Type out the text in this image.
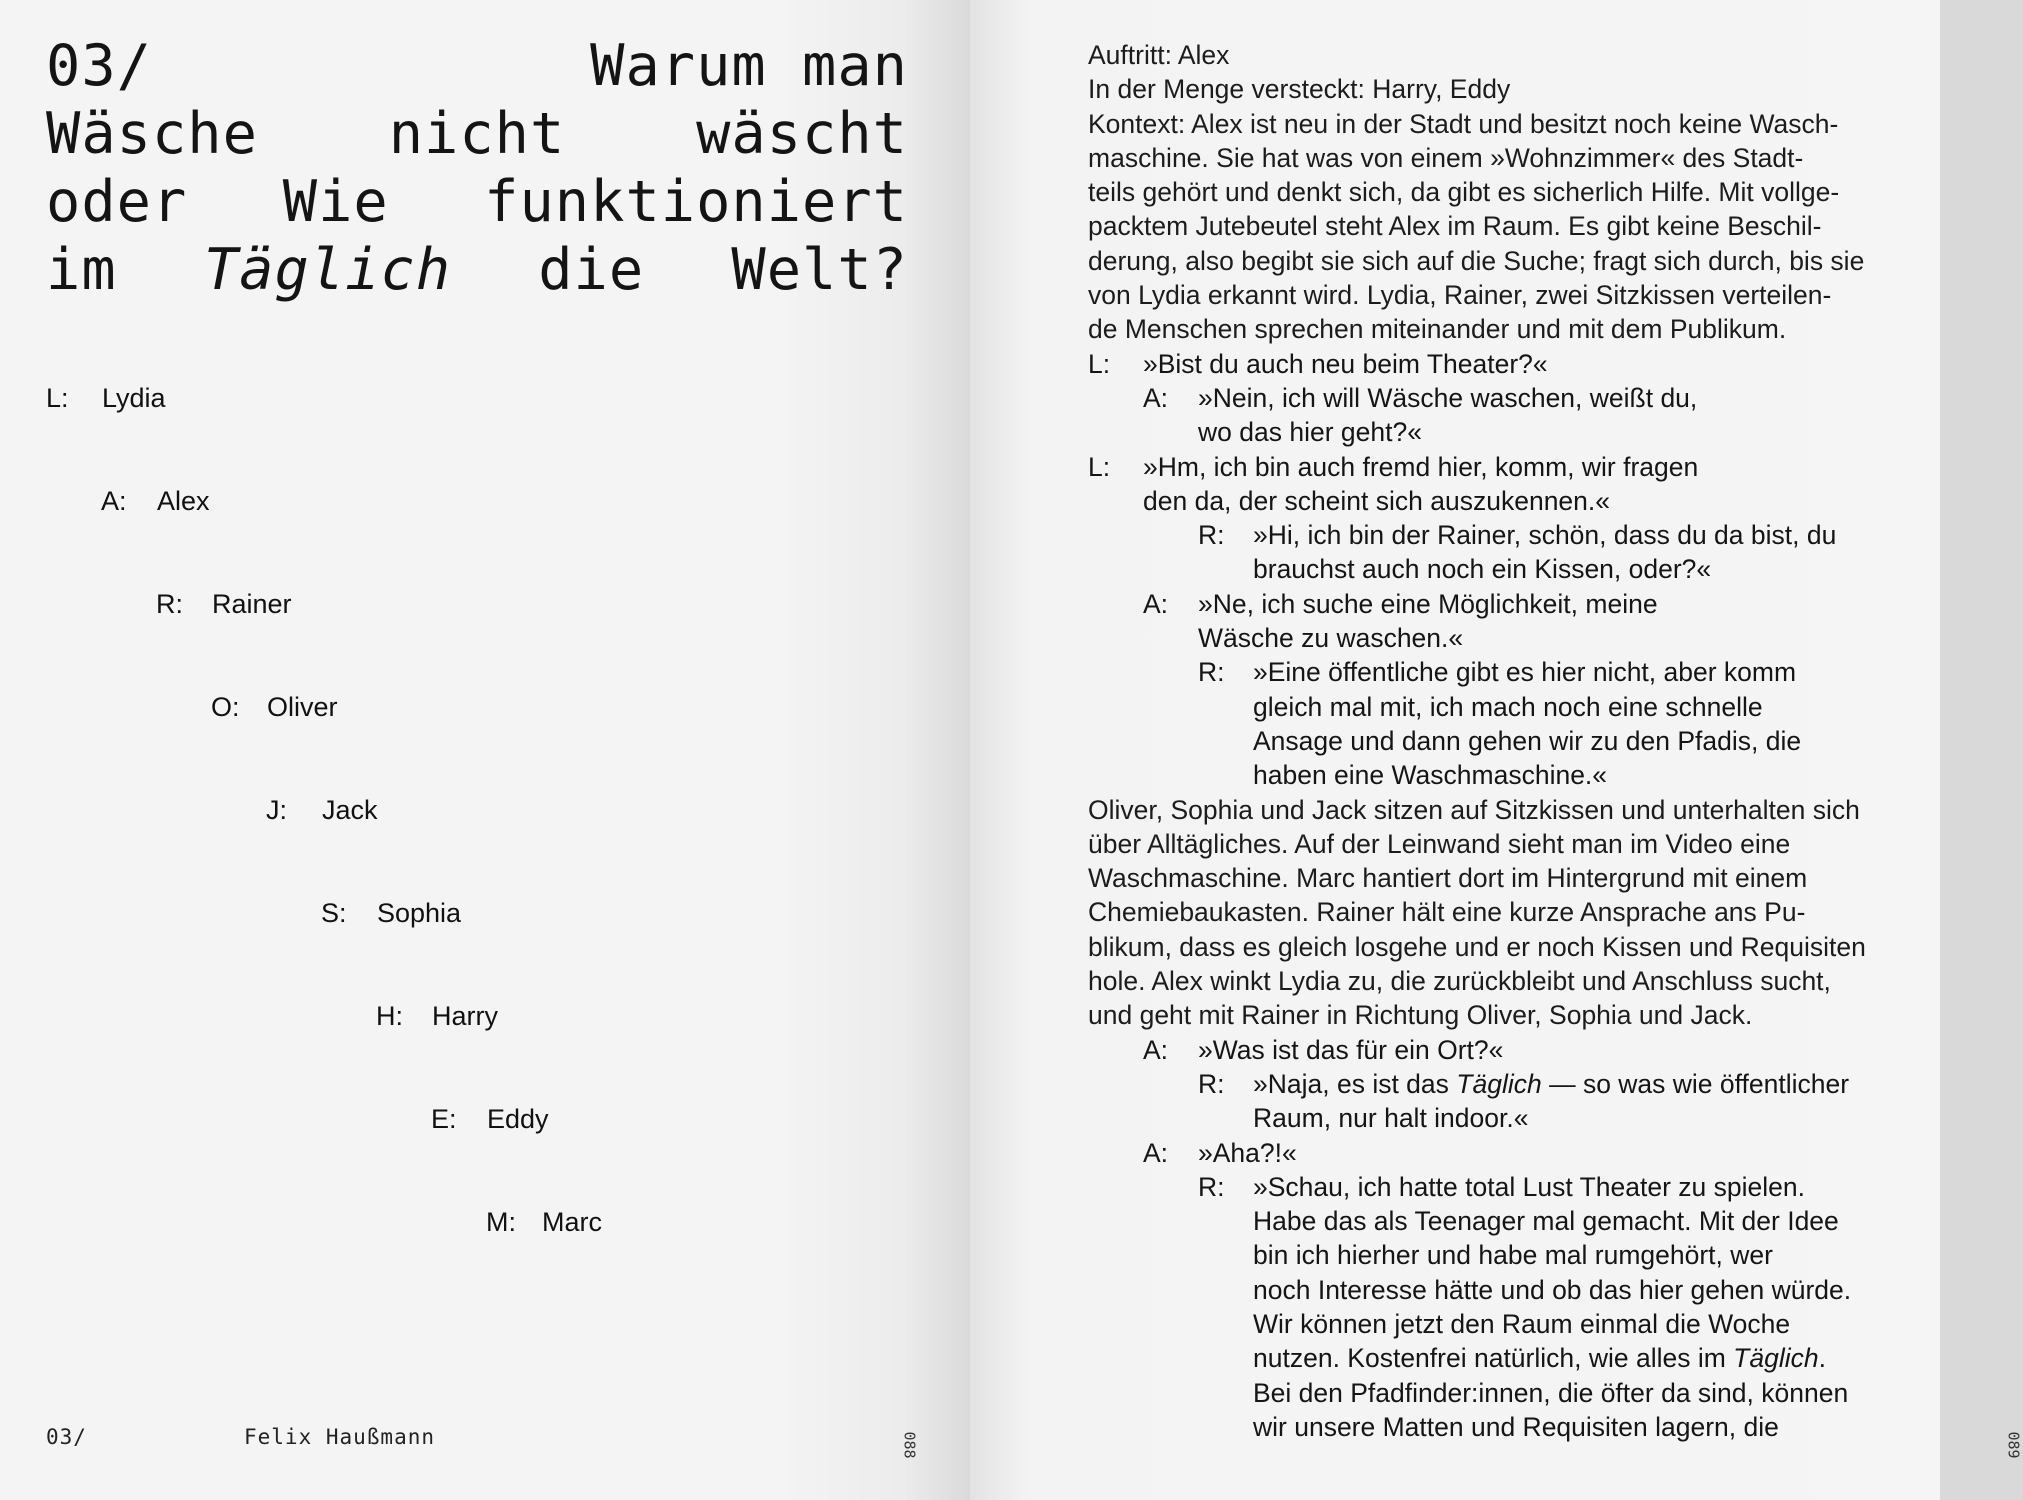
03/	Warum man
Wäsche nicht wäscht
oder Wie funktioniert
im Täglich die Welt?
L: Lydia
A: Alex
R: Rainer
O: Oliver
J: Jack
S: Sophia
H: Harry
E: Eddy
M: Marc
03/	Felix Haußmann	088	089
Auftritt: Alex
In der Menge versteckt: Harry, Eddy
Kontext: Alex ist neu in der Stadt und besitzt noch keine Wasch-
maschine. Sie hat was von einem »Wohnzimmer« des Stadt-
teils gehört und denkt sich, da gibt es sicherlich Hilfe. Mit vollge-
packtem Jutebeutel steht Alex im Raum. Es gibt keine Beschil-
derung, also begibt sie sich auf die Suche; fragt sich durch, bis sie
von Lydia erkannt wird. Lydia, Rainer, zwei Sitzkissen verteilen-
de Menschen sprechen miteinander und mit dem Publikum.
L:	»Bist du auch neu beim Theater?«
A:	»Nein, ich will Wäsche waschen, weißt du,
wo das hier geht?«
L:	»Hm, ich bin auch fremd hier, komm, wir fragen
den da, der scheint sich auszukennen.«
R:	»Hi, ich bin der Rainer, schön, dass du da bist, du
brauchst auch noch ein Kissen, oder?«
A:	»Ne, ich suche eine Möglichkeit, meine
Wäsche zu waschen.«
R:	»Eine öffentliche gibt es hier nicht, aber komm
gleich mal mit, ich mach noch eine schnelle
Ansage und dann gehen wir zu den Pfadis, die
haben eine Waschmaschine.«
Oliver, Sophia und Jack sitzen auf Sitzkissen und unterhalten sich
über Alltägliches. Auf der Leinwand sieht man im Video eine
Waschmaschine. Marc hantiert dort im Hintergrund mit einem
Chemiebaukasten. Rainer hält eine kurze Ansprache ans Pu-
blikum, dass es gleich losgehe und er noch Kissen und Requisiten
hole. Alex winkt Lydia zu, die zurückbleibt und Anschluss sucht,
und geht mit Rainer in Richtung Oliver, Sophia und Jack.
A:	»Was ist das für ein Ort?«
R:	»Naja, es ist das Täglich — so was wie öffentlicher
Raum, nur halt indoor.«
A:	»Aha?!«
R:	»Schau, ich hatte total Lust Theater zu spielen.
Habe das als Teenager mal gemacht. Mit der Idee
bin ich hierher und habe mal rumgehört, wer
noch Interesse hätte und ob das hier gehen würde.
Wir können jetzt den Raum einmal die Woche
nutzen. Kostenfrei natürlich, wie alles im Täglich.
Bei den Pfadfinder:innen, die öfter da sind, können
wir unsere Matten und Requisiten lagern, die
